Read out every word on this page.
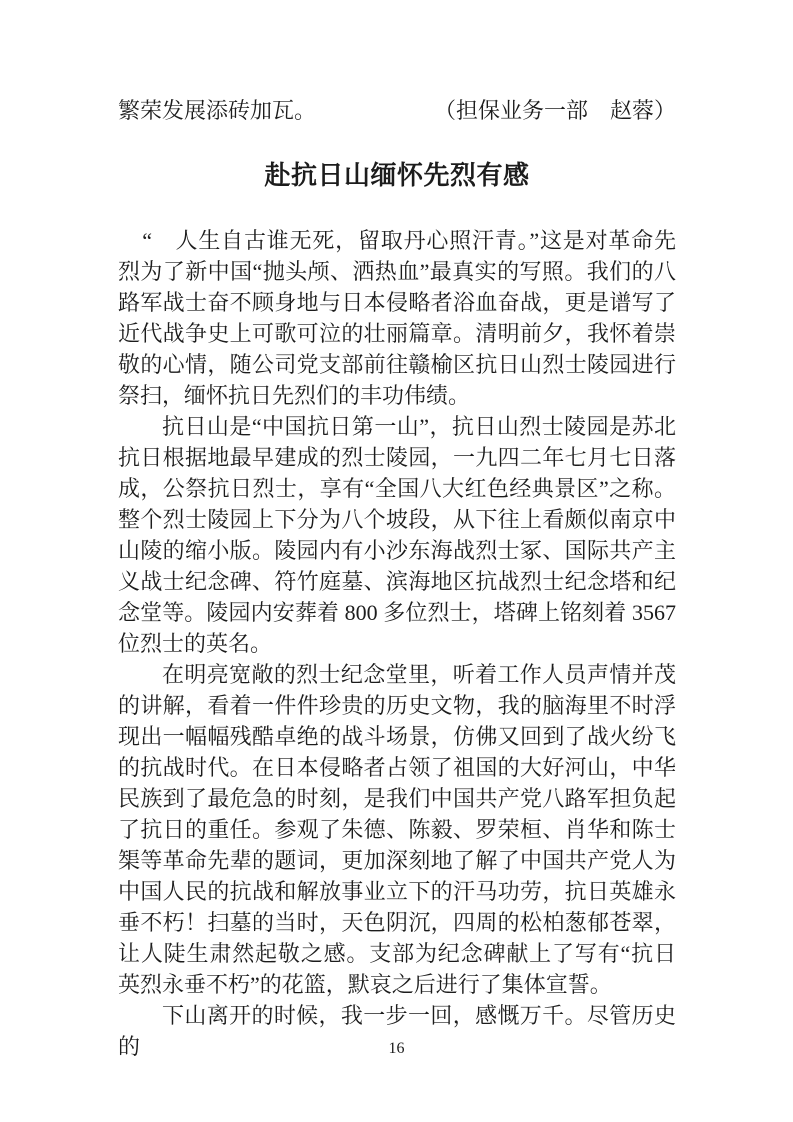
繁荣发展添砖加瓦。	（担保业务一部　赵蓉）
赴抗日山缅怀先烈有感

“　人生自古谁无死，留取丹心照汗青。”这是对革命先烈为了新中国“抛头颅、洒热血”最真实的写照。我们的八路军战士奋不顾身地与日本侵略者浴血奋战，更是谱写了近代战争史上可歌可泣的壮丽篇章。清明前夕，我怀着崇敬的心情，随公司党支部前往赣榆区抗日山烈士陵园进行祭扫，缅怀抗日先烈们的丰功伟绩。

抗日山是“中国抗日第一山”，抗日山烈士陵园是苏北抗日根据地最早建成的烈士陵园，一九四二年七月七日落成，公祭抗日烈士，享有“全国八大红色经典景区”之称。整个烈士陵园上下分为八个坡段，从下往上看颇似南京中山陵的缩小版。陵园内有小沙东海战烈士冢、国际共产主义战士纪念碑、符竹庭墓、滨海地区抗战烈士纪念塔和纪念堂等。陵园内安葬着 800 多位烈士，塔碑上铭刻着 3567 位烈士的英名。

在明亮宽敞的烈士纪念堂里，听着工作人员声情并茂的讲解，看着一件件珍贵的历史文物，我的脑海里不时浮现出一幅幅残酷卓绝的战斗场景，仿佛又回到了战火纷飞的抗战时代。在日本侵略者占领了祖国的大好河山，中华民族到了最危急的时刻，是我们中国共产党八路军担负起了抗日的重任。参观了朱德、陈毅、罗荣桓、肖华和陈士榘等革命先辈的题词，更加深刻地了解了中国共产党人为中国人民的抗战和解放事业立下的汗马功劳，抗日英雄永垂不朽！扫墓的当时，天色阴沉，四周的松柏葱郁苍翠，让人陡生肃然起敬之感。支部为纪念碑献上了写有“抗日英烈永垂不朽”的花篮，默哀之后进行了集体宣誓。

下山离开的时候，我一步一回，感慨万千。尽管历史的	16
